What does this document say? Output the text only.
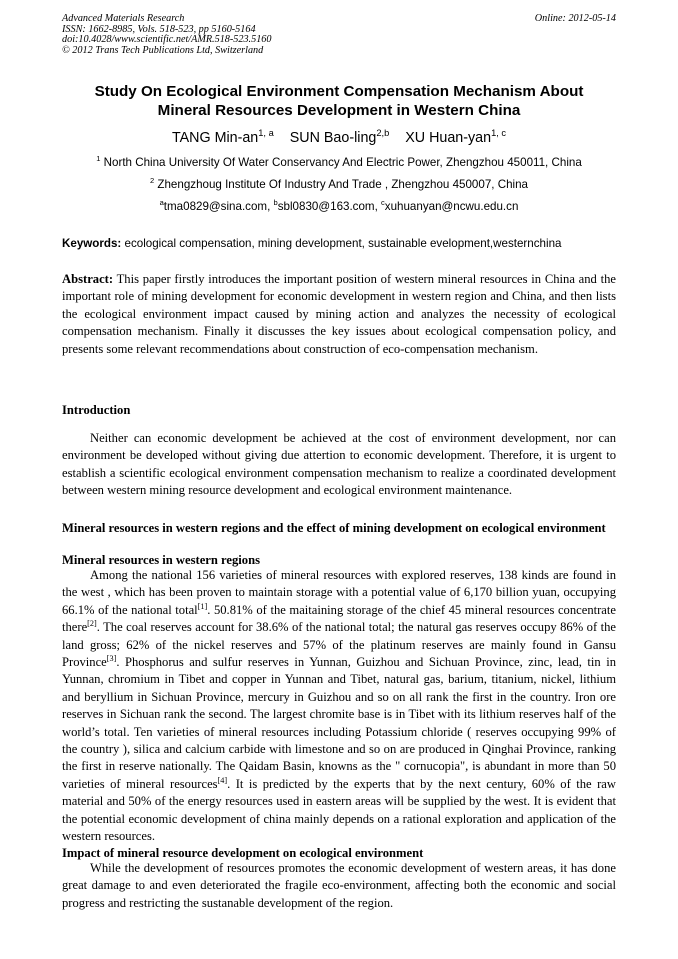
Advanced Materials Research
ISSN: 1662-8985, Vols. 518-523, pp 5160-5164
doi:10.4028/www.scientific.net/AMR.518-523.5160
© 2012 Trans Tech Publications Ltd, Switzerland
Online: 2012-05-14
Study On Ecological Environment Compensation Mechanism About
Mineral Resources Development in Western China
TANG Min-an$^{1, a}$ SUN Bao-ling$^{2,b}$ XU Huan-yan$^{1, c}$
$^1$ North China University Of Water Conservancy And Electric Power, Zhengzhou 450011, China
$^2$ Zhengzhoug Institute Of Industry And Trade , Zhengzhou 450007, China
$^a$tma0829@sina.com, $^b$sbl0830@163.com, $^c$xuhuanyan@ncwu.edu.cn
Keywords: ecological compensation, mining development, sustainable evelopment,westernchina

Abstract: This paper firstly introduces the important position of western mineral resources in China and the important role of mining development for economic development in western region and China, and then lists the ecological environment impact caused by mining action and analyzes the necessity of ecological compensation mechanism. Finally it discusses the key issues about ecological compensation policy, and presents some relevant recommendations about construction of eco-compensation mechanism.

Introduction

Neither can economic development be achieved at the cost of environment development, nor can environment be developed without giving due attertion to economic development. Therefore, it is urgent to establish a scientific ecological environment compensation mechanism to realize a coordinated development between western mining resource development and ecological environment maintenance.

Mineral resources in western regions and the effect of mining development on ecological environment
Mineral resources in western regions

Among the national 156 varieties of mineral resources with explored reserves, 138 kinds are found in the west , which has been proven to maintain storage with a potential value of 6,170 billion yuan, occupying 66.1% of the national total[1]. 50.81% of the maitaining storage of the chief 45 mineral resources concentrate there[2]. The coal reserves account for 38.6% of the national total; the natural gas reserves occupy 86% of the land gross; 62% of the nickel reserves and 57% of the platinum reserves are mainly found in Gansu Province[3]. Phosphorus and sulfur reserves in Yunnan, Guizhou and Sichuan Province, zinc, lead, tin in Yunnan, chromium in Tibet and copper in Yunnan and Tibet, natural gas, barium, titanium, nickel, lithium and beryllium in Sichuan Province, mercury in Guizhou and so on all rank the first in the country. Iron ore reserves in Sichuan rank the second. The largest chromite base is in Tibet with its lithium reserves half of the world’s total. Ten varieties of mineral resources including Potassium chloride ( reserves occupying 99% of the country ), silica and calcium carbide with limestone and so on are produced in Qinghai Province, ranking the first in reserve nationally. The Qaidam Basin, knowns as the " cornucopia", is abundant in more than 50 varieties of mineral resources[4]. It is predicted by the experts that by the next century, 60% of the raw material and 50% of the energy resources used in eastern areas will be supplied by the west. It is evident that the potential economic development of china mainly depends on a rational exploration and application of the western resources.

Impact of mineral resource development on ecological environment

While the development of resources promotes the economic development of western areas, it has done great damage to and even deteriorated the fragile eco-environment, affecting both the economic and social progress and restricting the sustanable development of the region.
